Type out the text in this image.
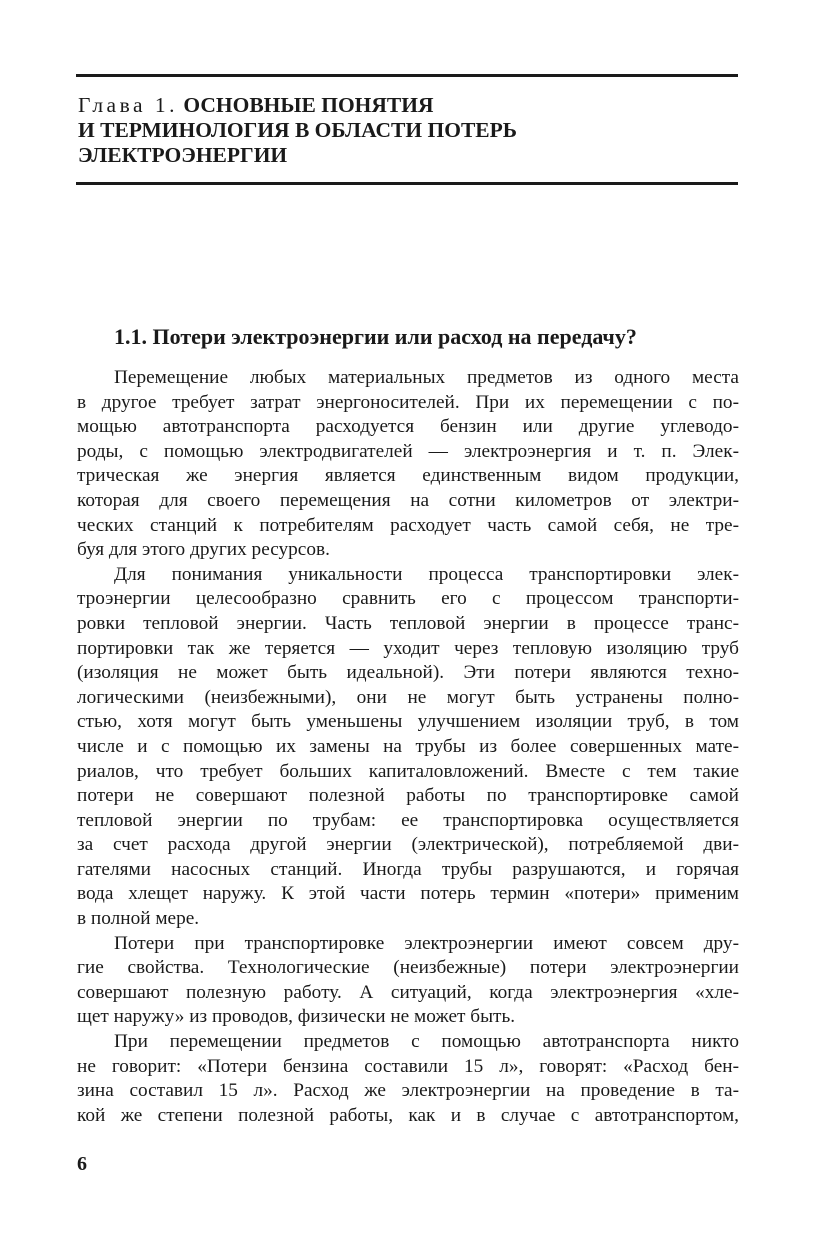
Глава 1. ОСНОВНЫЕ ПОНЯТИЯ
И ТЕРМИНОЛОГИЯ В ОБЛАСТИ ПОТЕРЬ
ЭЛЕКТРОЭНЕРГИИ
1.1. Потери электроэнергии или расход на передачу?

Перемещение любых материальных предметов из одного места
в другое требует затрат энергоносителей. При их перемещении с по-
мощью автотранспорта расходуется бензин или другие углеводо-
роды, с помощью электродвигателей — электроэнергия и т. п. Элек-
трическая же энергия является единственным видом продукции,
которая для своего перемещения на сотни километров от электри-
ческих станций к потребителям расходует часть самой себя, не тре-
буя для этого других ресурсов.

Для понимания уникальности процесса транспортировки элек-
троэнергии целесообразно сравнить его с процессом транспорти-
ровки тепловой энергии. Часть тепловой энергии в процессе транс-
портировки так же теряется — уходит через тепловую изоляцию труб
(изоляция не может быть идеальной). Эти потери являются техно-
логическими (неизбежными), они не могут быть устранены полно-
стью, хотя могут быть уменьшены улучшением изоляции труб, в том
числе и с помощью их замены на трубы из более совершенных мате-
риалов, что требует больших капиталовложений. Вместе с тем такие
потери не совершают полезной работы по транспортировке самой
тепловой энергии по трубам: ее транспортировка осуществляется
за счет расхода другой энергии (электрической), потребляемой дви-
гателями насосных станций. Иногда трубы разрушаются, и горячая
вода хлещет наружу. К этой части потерь термин «потери» применим
в полной мере.

Потери при транспортировке электроэнергии имеют совсем дру-
гие свойства. Технологические (неизбежные) потери электроэнергии
совершают полезную работу. А ситуаций, когда электроэнергия «хле-
щет наружу» из проводов, физически не может быть.

При перемещении предметов с помощью автотранспорта никто
не говорит: «Потери бензина составили 15 л», говорят: «Расход бен-
зина составил 15 л». Расход же электроэнергии на проведение в та-
кой же степени полезной работы, как и в случае с автотранспортом,

6
